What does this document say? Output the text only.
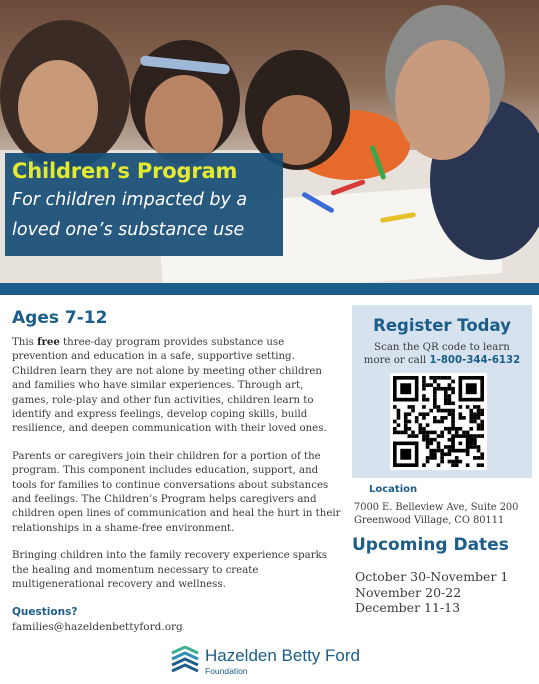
Children’s Program
For children impacted by a
loved one’s substance use
Ages 7-12

This free three-day program provides substance use prevention and education in a safe, supportive setting. Children learn they are not alone by meeting other children and families who have similar experiences. Through art, games, role-play and other fun activities, children learn to identify and express feelings, develop coping skills, build resilience, and deepen communication with their loved ones.

Parents or caregivers join their children for a portion of the program. This component includes education, support, and tools for families to continue conversations about substances and feelings. The Children’s Program helps caregivers and children open lines of communication and heal the hurt in their relationships in a shame-free environment.

Bringing children into the family recovery experience sparks the healing and momentum necessary to create multigenerational recovery and wellness.

Questions?
families@hazeldenbettyford.org
Register Today
Scan the QR code to learn
more or call 1-800-344-6132
Location
7000 E. Belleview Ave, Suite 200
Greenwood Village, CO 80111
Upcoming Dates
October 30-November 1
November 20-22
December 11-13
Hazelden Betty Ford
Foundation
